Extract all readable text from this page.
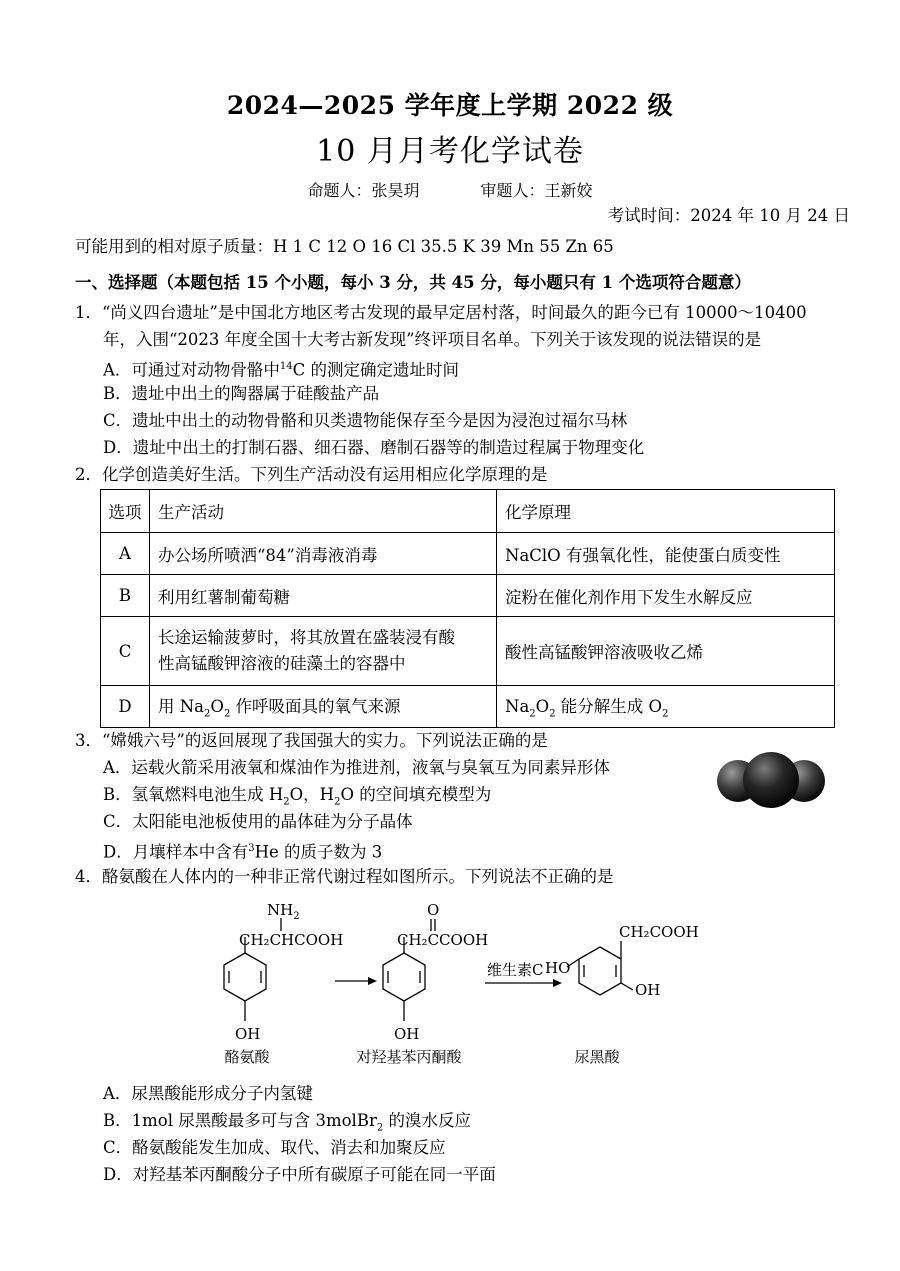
2024—2025 学年度上学期 2022 级
10 月月考化学试卷
命题人：张昊玥	审题人：王新姣
考试时间：2024 年 10 月 24 日
可能用到的相对原子质量：H 1 C 12 O 16 Cl 35.5 K 39 Mn 55 Zn 65
一、选择题（本题包括 15 个小题，每小 3 分，共 45 分，每小题只有 1 个选项符合题意）
1．“尚义四台遗址”是中国北方地区考古发现的最早定居村落，时间最久的距今已有 10000～10400
年，入围“2023 年度全国十大考古新发现”终评项目名单。下列关于该发现的说法错误的是
A．可通过对动物骨骼中$^{14}$C 的测定确定遗址时间
B．遗址中出土的陶器属于硅酸盐产品
C．遗址中出土的动物骨骼和贝类遗物能保存至今是因为浸泡过福尔马林
D．遗址中出土的打制石器、细石器、磨制石器等的制造过程属于物理变化
2．化学创造美好生活。下列生产活动没有运用相应化学原理的是
选项	生产活动	化学原理
A	办公场所喷洒“84”消毒液消毒	NaClO 有强氧化性，能使蛋白质变性
B	利用红薯制葡萄糖	淀粉在催化剂作用下发生水解反应
C	长途运输菠萝时，将其放置在盛装浸有酸
性高锰酸钾溶液的硅藻土的容器中	酸性高锰酸钾溶液吸收乙烯
D	用 $Na_2O_2$ 作呼吸面具的氧气来源	$Na_2O_2$ 能分解生成 $O_2$
3．“嫦娥六号”的返回展现了我国强大的实力。下列说法正确的是
A．运载火箭采用液氧和煤油作为推进剂，液氧与臭氧互为同素异形体
B．氢氧燃料电池生成 $H_2O$，$H_2O$ 的空间填充模型为
C．太阳能电池板使用的晶体硅为分子晶体
D．月壤样本中含有$^3$He 的质子数为 3
4．酪氨酸在人体内的一种非正常代谢过程如图所示。下列说法不正确的是
$NH_2$
CH₂CHCOOH
OH
O
CH₂CCOOH
OH
维生素C
CH₂COOH
HO
OH
酪氨酸	对羟基苯丙酮酸	尿黑酸
A．尿黑酸能形成分子内氢键
B．1mol 尿黑酸最多可与含 3molBr$_2$ 的溴水反应
C．酪氨酸能发生加成、取代、消去和加聚反应
D．对羟基苯丙酮酸分子中所有碳原子可能在同一平面
